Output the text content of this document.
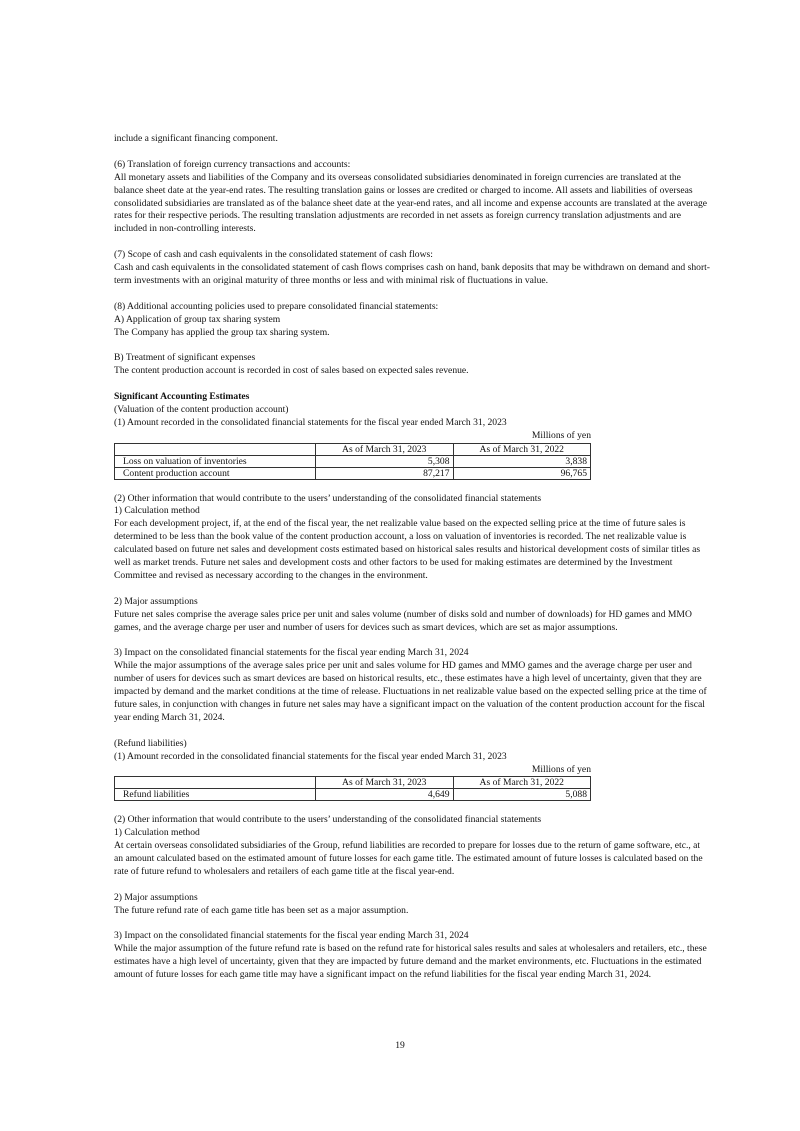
include a significant financing component.

(6) Translation of foreign currency transactions and accounts:

All monetary assets and liabilities of the Company and its overseas consolidated subsidiaries denominated in foreign currencies are translated at the balance sheet date at the year-end rates. The resulting translation gains or losses are credited or charged to income. All assets and liabilities of overseas consolidated subsidiaries are translated as of the balance sheet date at the year-end rates, and all income and expense accounts are translated at the average rates for their respective periods. The resulting translation adjustments are recorded in net assets as foreign currency translation adjustments and are included in non-controlling interests.

(7) Scope of cash and cash equivalents in the consolidated statement of cash flows:

Cash and cash equivalents in the consolidated statement of cash flows comprises cash on hand, bank deposits that may be withdrawn on demand and short-term investments with an original maturity of three months or less and with minimal risk of fluctuations in value.

(8) Additional accounting policies used to prepare consolidated financial statements:

A) Application of group tax sharing system

The Company has applied the group tax sharing system.

B) Treatment of significant expenses

The content production account is recorded in cost of sales based on expected sales revenue.

Significant Accounting Estimates

(Valuation of the content production account)

(1) Amount recorded in the consolidated financial statements for the fiscal year ended March 31, 2023

Millions of yen

	As of March 31, 2023	As of March 31, 2022
Loss on valuation of inventories	5,308	3,838
Content production account	87,217	96,765

(2) Other information that would contribute to the users’ understanding of the consolidated financial statements

1) Calculation method

For each development project, if, at the end of the fiscal year, the net realizable value based on the expected selling price at the time of future sales is determined to be less than the book value of the content production account, a loss on valuation of inventories is recorded. The net realizable value is calculated based on future net sales and development costs estimated based on historical sales results and historical development costs of similar titles as well as market trends. Future net sales and development costs and other factors to be used for making estimates are determined by the Investment Committee and revised as necessary according to the changes in the environment.

2) Major assumptions

Future net sales comprise the average sales price per unit and sales volume (number of disks sold and number of downloads) for HD games and MMO games, and the average charge per user and number of users for devices such as smart devices, which are set as major assumptions.

3) Impact on the consolidated financial statements for the fiscal year ending March 31, 2024

While the major assumptions of the average sales price per unit and sales volume for HD games and MMO games and the average charge per user and number of users for devices such as smart devices are based on historical results, etc., these estimates have a high level of uncertainty, given that they are impacted by demand and the market conditions at the time of release. Fluctuations in net realizable value based on the expected selling price at the time of future sales, in conjunction with changes in future net sales may have a significant impact on the valuation of the content production account for the fiscal year ending March 31, 2024.

(Refund liabilities)

(1) Amount recorded in the consolidated financial statements for the fiscal year ended March 31, 2023

Millions of yen

	As of March 31, 2023	As of March 31, 2022
Refund liabilities	4,649	5,088

(2) Other information that would contribute to the users’ understanding of the consolidated financial statements

1) Calculation method

At certain overseas consolidated subsidiaries of the Group, refund liabilities are recorded to prepare for losses due to the return of game software, etc., at an amount calculated based on the estimated amount of future losses for each game title. The estimated amount of future losses is calculated based on the rate of future refund to wholesalers and retailers of each game title at the fiscal year-end.

2) Major assumptions

The future refund rate of each game title has been set as a major assumption.

3) Impact on the consolidated financial statements for the fiscal year ending March 31, 2024

While the major assumption of the future refund rate is based on the refund rate for historical sales results and sales at wholesalers and retailers, etc., these estimates have a high level of uncertainty, given that they are impacted by future demand and the market environments, etc. Fluctuations in the estimated amount of future losses for each game title may have a significant impact on the refund liabilities for the fiscal year ending March 31, 2024.

19
